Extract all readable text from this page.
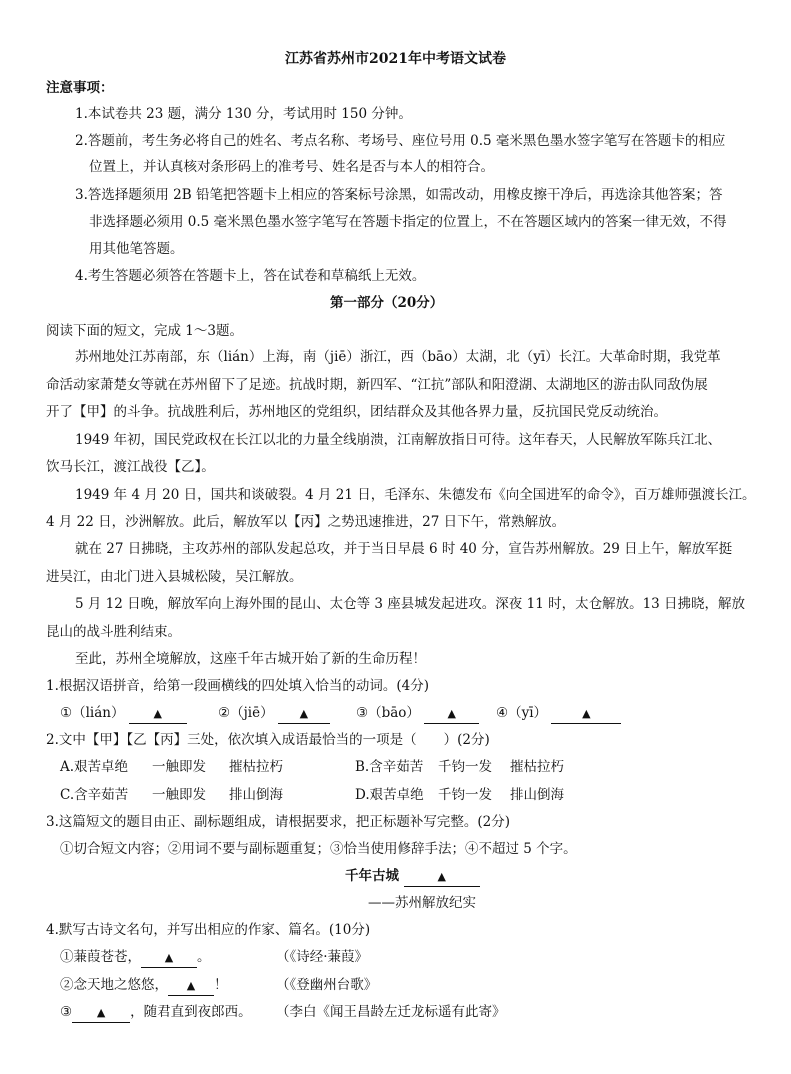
江苏省苏州市2021年中考语文试卷
注意事项：
1.本试卷共 23 题，满分 130 分，考试用时 150 分钟。
2.答题前，考生务必将自己的姓名、考点名称、考场号、座位号用 0.5 毫米黑色墨水签字笔写在答题卡的相应
位置上，并认真核对条形码上的准考号、姓名是否与本人的相符合。
3.答选择题须用 2B 铅笔把答题卡上相应的答案标号涂黑，如需改动，用橡皮擦干净后，再选涂其他答案；答
非选择题必须用 0.5 毫米黑色墨水签字笔写在答题卡指定的位置上，不在答题区域内的答案一律无效，不得
用其他笔答题。
4.考生答题必须答在答题卡上，答在试卷和草稿纸上无效。
第一部分（20分）
阅读下面的短文，完成 1～3题。
苏州地处江苏南部，东（lián）上海，南（jiē）浙江，西（bāo）太湖，北（yī）长江。大革命时期，我党革
命活动家萧楚女等就在苏州留下了足迹。抗战时期，新四军、“江抗”部队和阳澄湖、太湖地区的游击队同敌伪展
开了【甲】的斗争。抗战胜利后，苏州地区的党组织，团结群众及其他各界力量，反抗国民党反动统治。
1949 年初，国民党政权在长江以北的力量全线崩溃，江南解放指日可待。这年春天，人民解放军陈兵江北、
饮马长江，渡江战役【乙】。
1949 年 4 月 20 日，国共和谈破裂。4 月 21 日，毛泽东、朱德发布《向全国进军的命令》，百万雄师强渡长江。
4 月 22 日，沙洲解放。此后，解放军以【丙】之势迅速推进，27 日下午，常熟解放。
就在 27 日拂晓，主攻苏州的部队发起总攻，并于当日早晨 6 时 40 分，宣告苏州解放。29 日上午，解放军挺
进吴江，由北门进入县城松陵，吴江解放。
5 月 12 日晚，解放军向上海外围的昆山、太仓等 3 座县城发起进攻。深夜 11 时，太仓解放。13 日拂晓，解放
昆山的战斗胜利结束。
至此，苏州全境解放，这座千年古城开始了新的生命历程！
1.根据汉语拼音，给第一段画横线的四处填入恰当的动词。(4分)
①（lián）	▲	②（jiē） ▲	③（bāo）	▲	④（yī）	▲
2.文中【甲】【乙【丙】三处，依次填入成语最恰当的一项是（　　）(2分)
A.艰苦卓绝 一触即发 摧枯拉朽	B.含辛茹苦 千钧一发 摧枯拉朽
C.含辛茹苦 一触即发 排山倒海	D.艰苦卓绝 千钧一发 排山倒海
3.这篇短文的题目由正、副标题组成，请根据要求，把正标题补写完整。(2分)
①切合短文内容；②用词不要与副标题重复；③恰当使用修辞手法；④不超过 5 个字。
千年古城	▲
——苏州解放纪实
4.默写古诗文名句，并写出相应的作家、篇名。(10分)
①蒹葭苍苍， ▲ 。	（《诗经·蒹葭》
②念天地之悠悠， ▲ ！	（《登幽州台歌》
③ ▲ ，随君直到夜郎西。 （李白《闻王昌龄左迁龙标遥有此寄》
